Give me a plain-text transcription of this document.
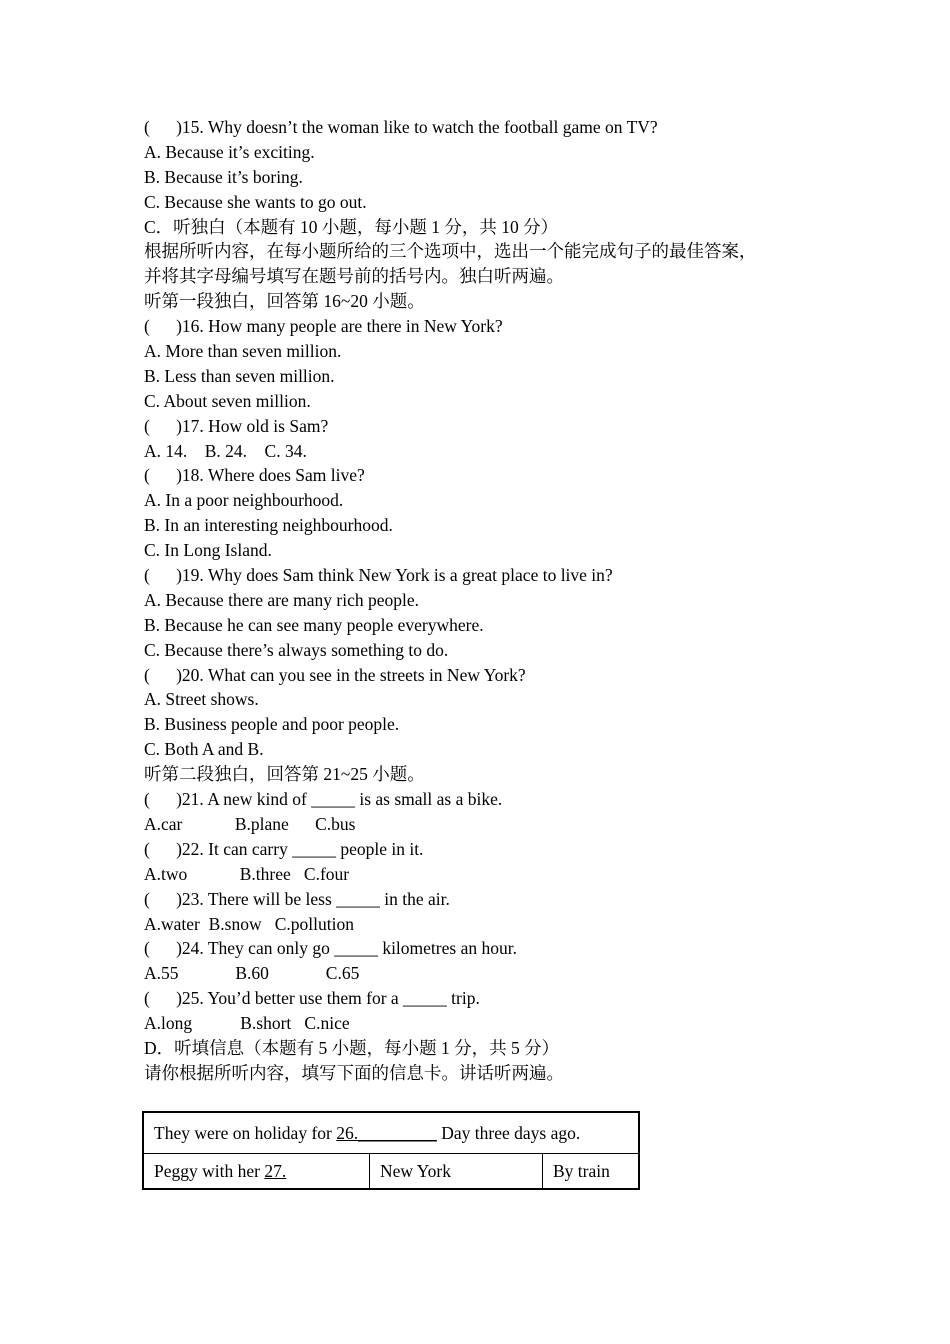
(      )15. Why doesn’t the woman like to watch the football game on TV?
A. Because it’s exciting.
B. Because it’s boring.
C. Because she wants to go out.
C．听独白（本题有 10 小题，每小题 1 分，共 10 分）
根据所听内容，在每小题所给的三个选项中，选出一个能完成句子的最佳答案，
并将其字母编号填写在题号前的括号内。独白听两遍。
听第一段独白，回答第 16~20 小题。
(      )16. How many people are there in New York?
A. More than seven million.
B. Less than seven million.
C. About seven million.
(      )17. How old is Sam?
A. 14.    B. 24.    C. 34.
(      )18. Where does Sam live?
A. In a poor neighbourhood.
B. In an interesting neighbourhood.
C. In Long Island.
(      )19. Why does Sam think New York is a great place to live in?
A. Because there are many rich people.
B. Because he can see many people everywhere.
C. Because there’s always something to do.
(      )20. What can you see in the streets in New York?
A. Street shows.
B. Business people and poor people.
C. Both A and B.
听第二段独白，回答第 21~25 小题。
(      )21. A new kind of _____ is as small as a bike.
A.car            B.plane      C.bus
(      )22. It can carry _____ people in it.
A.two            B.three   C.four
(      )23. There will be less _____ in the air.
A.water  B.snow   C.pollution
(      )24. They can only go _____ kilometres an hour.
A.55             B.60             C.65
(      )25. You’d better use them for a _____ trip.
A.long           B.short   C.nice
D．听填信息（本题有 5 小题，每小题 1 分，共 5 分）
请你根据所听内容，填写下面的信息卡。讲话听两遍。
They were on holiday for 26._________ Day three days ago.
Peggy with her 27.	New York	By train
